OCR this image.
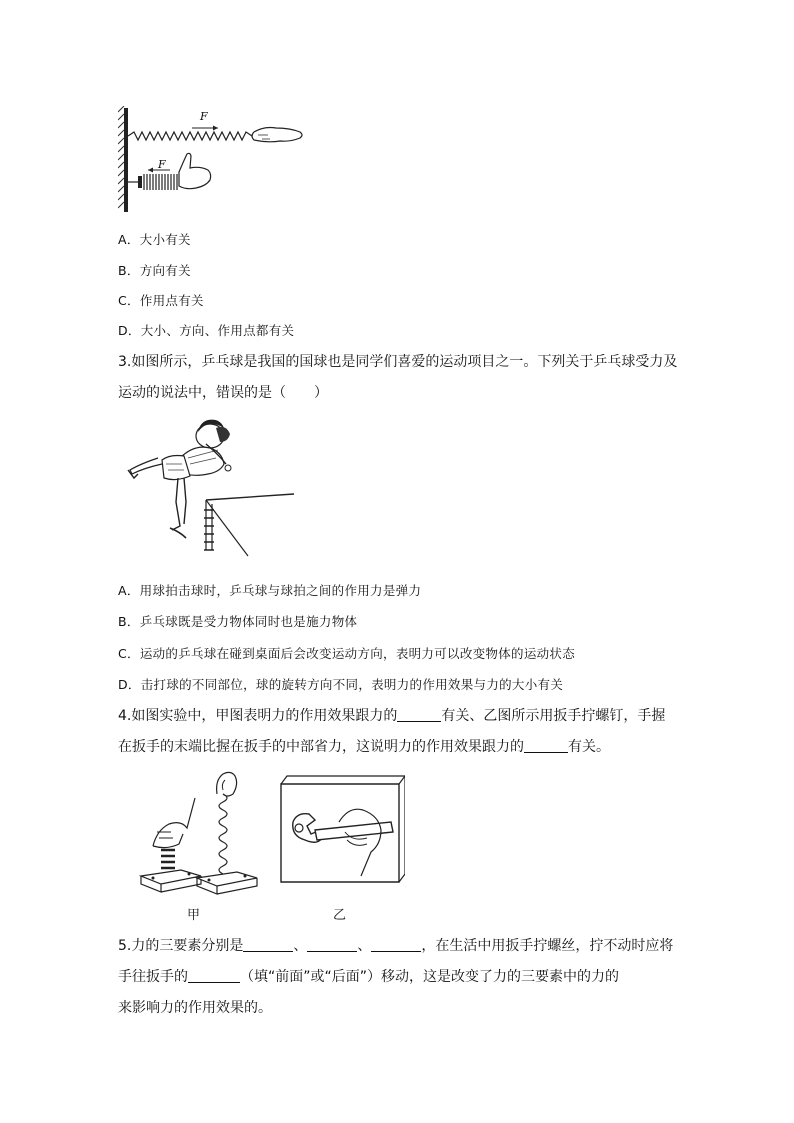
F
F
A．大小有关
B．方向有关
C．作用点有关
D．大小、方向、作用点都有关
3.如图所示，乒乓球是我国的国球也是同学们喜爱的运动项目之一。下列关于乒乓球受力及
运动的说法中，错误的是（　　）
A．用球拍击球时，乒乓球与球拍之间的作用力是弹力
B．乒乓球既是受力物体同时也是施力物体
C．运动的乒乓球在碰到桌面后会改变运动方向，表明力可以改变物体的运动状态
D．击打球的不同部位，球的旋转方向不同，表明力的作用效果与力的大小有关
4.如图实验中，甲图表明力的作用效果跟力的	有关、乙图所示用扳手拧螺钉，手握
在扳手的末端比握在扳手的中部省力，这说明力的作用效果跟力的	有关。
甲	乙
5.力的三要素分别是	、	、	，在生活中用扳手拧螺丝，拧不动时应将
手往扳手的	（填“前面”或“后面”）移动，这是改变了力的三要素中的力的
来影响力的作用效果的。
